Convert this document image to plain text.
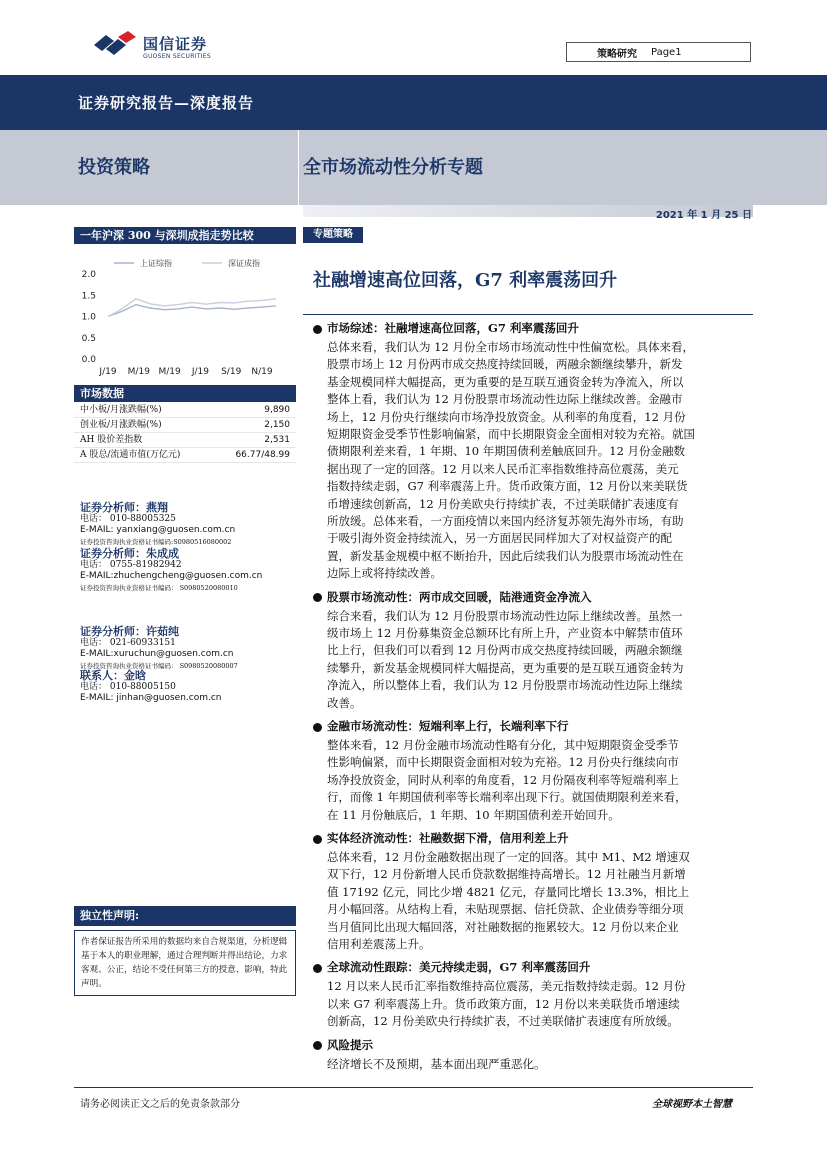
国信证券
GUOSEN SECURITIES	策略研究	Page1
证券研究报告—深度报告
投资策略	全市场流动性分析专题
2021 年 1 月 25 日
一年沪深 300 与深圳成指走势比较
2.0
1.5
1.0
0.5
0.0
上证综指	深证成指
J/19 M/19 M/19 J/19 S/19 N/19
市场数据
中小板/月涨跌幅(%)	9,890
创业板/月涨跌幅(%)	2,150
AH 股价差指数	2,531
A 股总/流通市值(万亿元)	66.77/48.99
证券分析师：燕翔
电话： 010-88005325
E-MAIL: yanxiang@guosen.com.cn
证券投资咨询执业资格证书编码:S0980516080002
证券分析师：朱成成
电话： 0755-81982942
E-MAIL:zhuchengcheng@guosen.com.cn
证券投资咨询执业资格证书编码： S0980520080010
证券分析师：许茹纯
电话： 021-60933151
E-MAIL:xuruchun@guosen.com.cn
证券投资咨询执业资格证书编码： S0980520080007
联系人：金晗
电话： 010-88005150
E-MAIL: jinhan@guosen.com.cn
独立性声明:
作者保证报告所采用的数据均来自合规渠道，分析逻辑基于本人的职业理解，通过合理判断并得出结论，力求客观、公正，结论不受任何第三方的授意、影响，特此声明。
专题策略
社融增速高位回落，G7 利率震荡回升
市场综述：社融增速高位回落，G7 利率震荡回升
总体来看，我们认为 12 月份全市场市场流动性中性偏宽松。具体来看，
股票市场上 12 月份两市成交热度持续回暖，两融余额继续攀升，新发
基金规模同样大幅提高，更为重要的是互联互通资金转为净流入，所以
整体上看，我们认为 12 月份股票市场流动性边际上继续改善。金融市
场上，12 月份央行继续向市场净投放资金。从利率的角度看，12 月份
短期限资金受季节性影响偏紧，而中长期限资金全面相对较为充裕。就国
债期限利差来看，1 年期、10 年期国债利差触底回升。12 月份金融数
据出现了一定的回落。12 月以来人民币汇率指数维持高位震荡，美元
指数持续走弱，G7 利率震荡上升。货币政策方面，12 月份以来美联货
币增速续创新高，12 月份美欧央行持续扩表，不过美联储扩表速度有
所放缓。总体来看，一方面疫情以来国内经济复苏领先海外市场，有助
于吸引海外资金持续流入，另一方面居民同样加大了对权益资产的配
置，新发基金规模中枢不断抬升，因此后续我们认为股票市场流动性在
边际上或将持续改善。
股票市场流动性：两市成交回暖，陆港通资金净流入
综合来看，我们认为 12 月份股票市场流动性边际上继续改善。虽然一
级市场上 12 月份募集资金总额环比有所上升，产业资本中解禁市值环
比上行，但我们可以看到 12 月份两市成交热度持续回暖，两融余额继
续攀升，新发基金规模同样大幅提高，更为重要的是互联互通资金转为
净流入，所以整体上看，我们认为 12 月份股票市场流动性边际上继续
改善。
金融市场流动性：短端利率上行，长端利率下行
整体来看，12 月份金融市场流动性略有分化，其中短期限资金受季节
性影响偏紧，而中长期限资金面相对较为充裕。12 月份央行继续向市
场净投放资金，同时从利率的角度看，12 月份隔夜利率等短端利率上
行，而像 1 年期国债利率等长端利率出现下行。就国债期限利差来看，
在 11 月份触底后，1 年期、10 年期国债利差开始回升。
实体经济流动性：社融数据下滑，信用利差上升
总体来看，12 月份金融数据出现了一定的回落。其中 M1、M2 增速双
双下行，12 月份新增人民币贷款数据维持高增长。12 月社融当月新增
值 17192 亿元，同比少增 4821 亿元，存量同比增长 13.3%，相比上
月小幅回落。从结构上看，未贴现票据、信托贷款、企业债券等细分项
当月值同比出现大幅回落，对社融数据的拖累较大。12 月份以来企业
信用利差震荡上升。
全球流动性跟踪：美元持续走弱，G7 利率震荡回升
12 月以来人民币汇率指数维持高位震荡，美元指数持续走弱。12 月份
以来 G7 利率震荡上升。货币政策方面，12 月份以来美联货币增速续
创新高，12 月份美欧央行持续扩表，不过美联储扩表速度有所放缓。
风险提示
经济增长不及预期，基本面出现严重恶化。
请务必阅读正文之后的免责条款部分	全球视野本土智慧
